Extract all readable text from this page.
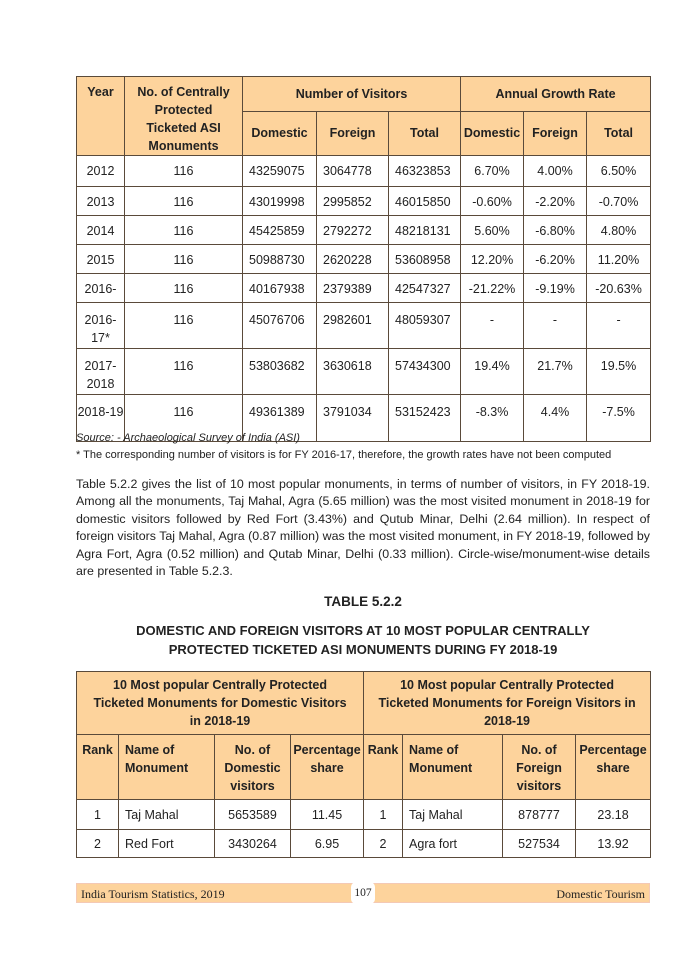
Year	No. of Centrally Protected Ticketed ASI Monuments	Number of Visitors			Annual Growth Rate		
		Domestic	Foreign	Total	Domestic	Foreign	Total
2012	116	43259075	3064778	46323853	6.70%	4.00%	6.50%
2013	116	43019998	2995852	46015850	-0.60%	-2.20%	-0.70%
2014	116	45425859	2792272	48218131	5.60%	-6.80%	4.80%
2015	116	50988730	2620228	53608958	12.20%	-6.20%	11.20%
2016-	116	40167938	2379389	42547327	-21.22%	-9.19%	-20.63%
2016-17*	116	45076706	2982601	48059307	-	-	-
2017-2018	116	53803682	3630618	57434300	19.4%	21.7%	19.5%
2018-19	116	49361389	3791034	53152423	-8.3%	4.4%	-7.5%
Source: - Archaeological Survey of India (ASI)
* The corresponding number of visitors is for FY 2016-17, therefore, the growth rates have not been computed
Table 5.2.2 gives the list of 10 most popular monuments, in terms of number of visitors, in FY 2018-19. Among all the monuments, Taj Mahal, Agra (5.65 million) was the most visited monument in 2018-19 for domestic visitors followed by Red Fort (3.43%) and Qutub Minar, Delhi (2.64 million). In respect of foreign visitors Taj Mahal, Agra (0.87 million) was the most visited monument, in FY 2018-19, followed by Agra Fort, Agra (0.52 million) and Qutab Minar, Delhi (0.33 million). Circle-wise/monument-wise details are presented in Table 5.2.3.
TABLE 5.2.2
DOMESTIC AND FOREIGN VISITORS AT 10 MOST POPULAR CENTRALLY
PROTECTED TICKETED ASI MONUMENTS DURING FY 2018-19
10 Most popular Centrally Protected Ticketed Monuments for Domestic Visitors in 2018-19				10 Most popular Centrally Protected Ticketed Monuments for Foreign Visitors in 2018-19			
Rank	Name of Monument	No. of Domestic visitors	Percentage share	Rank	Name of Monument	No. of Foreign visitors	Percentage share
1	Taj Mahal	5653589	11.45	1	Taj Mahal	878777	23.18
2	Red Fort	3430264	6.95	2	Agra fort	527534	13.92
India Tourism Statistics, 2019	107	Domestic Tourism
